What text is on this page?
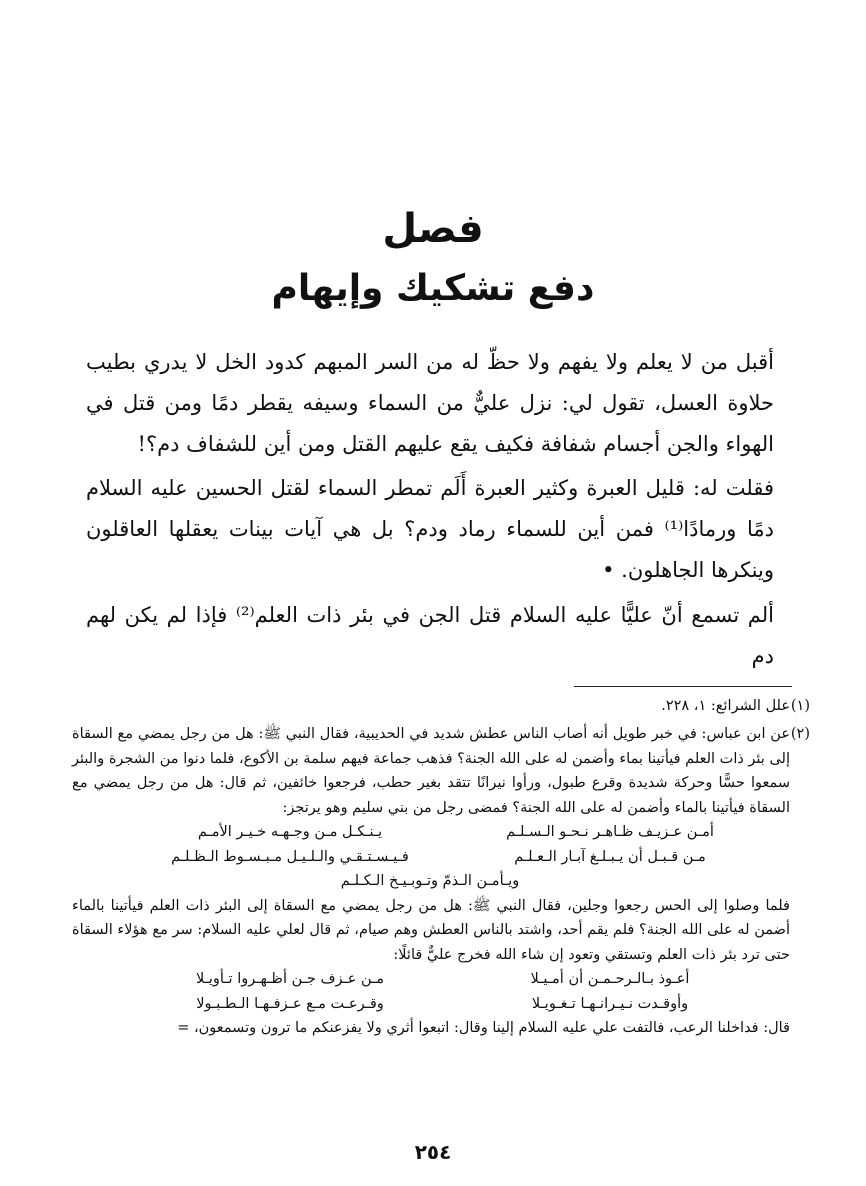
فصل
دفع تشكيك وإيهام

أقبل من لا يعلم ولا يفهم ولا حظّ له من السر المبهم كدود الخل لا يدري بطيب حلاوة العسل، تقول لي: نزل عليٌّ من السماء وسيفه يقطر دمًا ومن قتل في الهواء والجن أجسام شفافة فكيف يقع عليهم القتل ومن أين للشفاف دم؟!

فقلت له: قليل العبرة وكثير العبرة أَلَم تمطر السماء لقتل الحسين عليه السلام دمًا ورمادًا⁽¹⁾ فمن أين للسماء رماد ودم؟ بل هي آيات بينات يعقلها العاقلون وينكرها الجاهلون. •

ألم تسمع أنّ عليًّا عليه السلام قتل الجن في بئر ذات العلم⁽²⁾ فإذا لم يكن لهم دم

(١)

علل الشرائع: ١، ٢٢٨.

(٢)

عن ابن عباس: في خبر طويل أنه أصاب الناس عطش شديد في الحديبية، فقال النبي ﷺ: هل من رجل يمضي مع السقاة إلى بئر ذات العلم فيأتينا بماء وأضمن له على الله الجنة؟ فذهب جماعة فيهم سلمة بن الأكوع، فلما دنوا من الشجرة والبئر سمعوا حسًّا وحركة شديدة وقرع طبول، ورأوا نيرانًا تتقد بغير حطب، فرجعوا خائفين، ثم قال: هل من رجل يمضي مع السقاة فيأتينا بالماء وأضمن له على الله الجنة؟ فمضى رجل من بني سليم وهو يرتجز:

أمـن عـزيـف ظـاهـر نـحـو الـسـلـم
يـنـكـل مـن وجـهـه خـيـر الأمـم
مـن قـبـل أن يـبـلـغ آبـار الـعـلـم
فـيـسـتـقـي والـلـيـل مـبـسـوط الـظـلـم
ويـأمـن الـذمّ وتـوبـيـخ الـكـلـم

فلما وصلوا إلى الحس رجعوا وجلين، فقال النبي ﷺ: هل من رجل يمضي مع السقاة إلى البئر ذات العلم فيأتينا بالماء أضمن له على الله الجنة؟ فلم يقم أحد، واشتد بالناس العطش وهم صيام، ثم قال لعلي عليه السلام: سر مع هؤلاء السقاة حتى ترد بئر ذات العلم وتستقي وتعود إن شاء الله فخرج عليٌّ قائلًا:

أعـوذ بـالـرحـمـن أن أمـيـلا
مـن عـزف جـن أظـهـروا تـأويـلا
وأوقـدت نـيـرانـهـا تـغـويـلا
وقـرعـت مـع عـزفـهـا الـطـبـولا

قال: فداخلنا الرعب، فالتفت علي عليه السلام إلينا وقال: اتبعوا أثري ولا يفزعنكم ما ترون وتسمعون، =

٢٥٤
